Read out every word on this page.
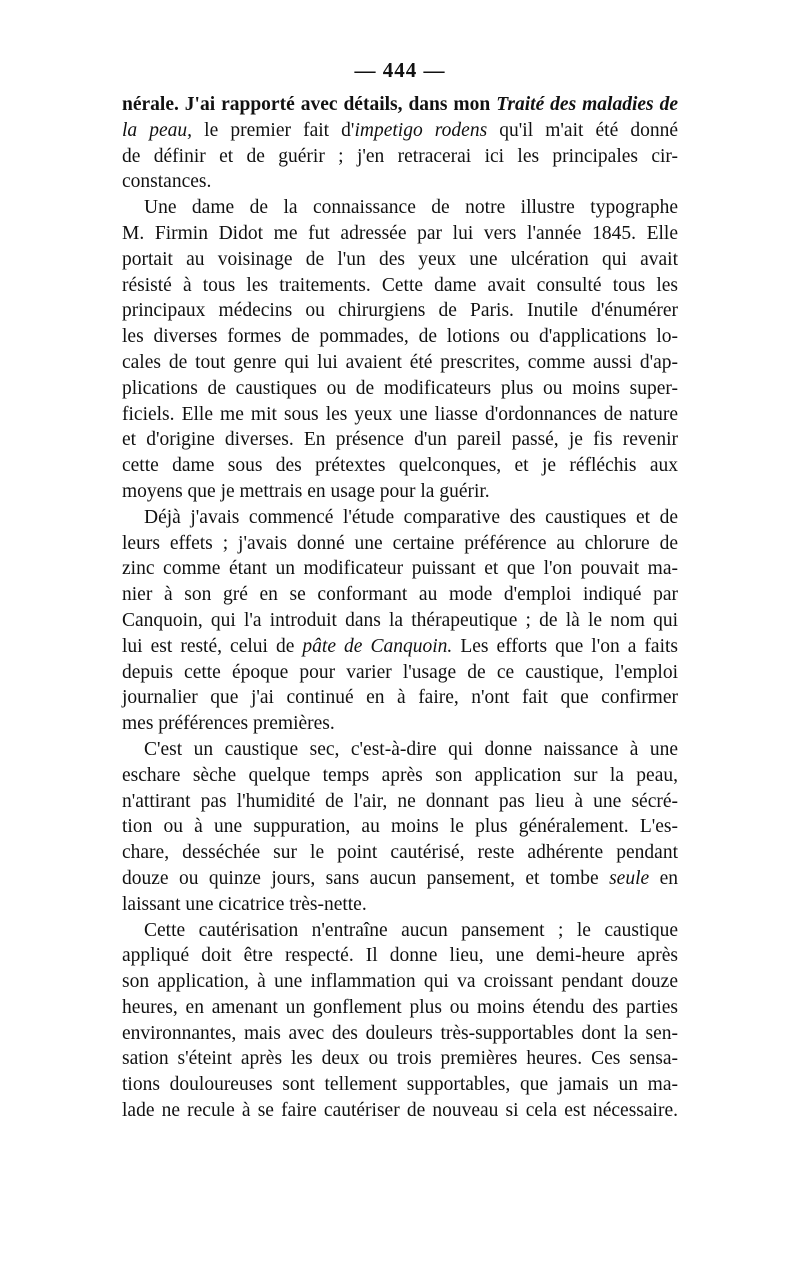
— 444 —
nérale. J'ai rapporté avec détails, dans mon Traité des maladies de
la peau, le premier fait d'impetigo rodens qu'il m'ait été donné
de définir et de guérir ; j'en retracerai ici les principales cir-
constances.
Une dame de la connaissance de notre illustre typographe
M. Firmin Didot me fut adressée par lui vers l'année 1845. Elle
portait au voisinage de l'un des yeux une ulcération qui avait
résisté à tous les traitements. Cette dame avait consulté tous les
principaux médecins ou chirurgiens de Paris. Inutile d'énumérer
les diverses formes de pommades, de lotions ou d'applications lo-
cales de tout genre qui lui avaient été prescrites, comme aussi d'ap-
plications de caustiques ou de modificateurs plus ou moins super-
ficiels. Elle me mit sous les yeux une liasse d'ordonnances de nature
et d'origine diverses. En présence d'un pareil passé, je fis revenir
cette dame sous des prétextes quelconques, et je réfléchis aux
moyens que je mettrais en usage pour la guérir.
Déjà j'avais commencé l'étude comparative des caustiques et de
leurs effets ; j'avais donné une certaine préférence au chlorure de
zinc comme étant un modificateur puissant et que l'on pouvait ma-
nier à son gré en se conformant au mode d'emploi indiqué par
Canquoin, qui l'a introduit dans la thérapeutique ; de là le nom qui
lui est resté, celui de pâte de Canquoin. Les efforts que l'on a faits
depuis cette époque pour varier l'usage de ce caustique, l'emploi
journalier que j'ai continué en à faire, n'ont fait que confirmer
mes préférences premières.
C'est un caustique sec, c'est-à-dire qui donne naissance à une
eschare sèche quelque temps après son application sur la peau,
n'attirant pas l'humidité de l'air, ne donnant pas lieu à une sécré-
tion ou à une suppuration, au moins le plus généralement. L'es-
chare, desséchée sur le point cautérisé, reste adhérente pendant
douze ou quinze jours, sans aucun pansement, et tombe seule en
laissant une cicatrice très-nette.
Cette cautérisation n'entraîne aucun pansement ; le caustique
appliqué doit être respecté. Il donne lieu, une demi-heure après
son application, à une inflammation qui va croissant pendant douze
heures, en amenant un gonflement plus ou moins étendu des parties
environnantes, mais avec des douleurs très-supportables dont la sen-
sation s'éteint après les deux ou trois premières heures. Ces sensa-
tions douloureuses sont tellement supportables, que jamais un ma-
lade ne recule à se faire cautériser de nouveau si cela est nécessaire.
